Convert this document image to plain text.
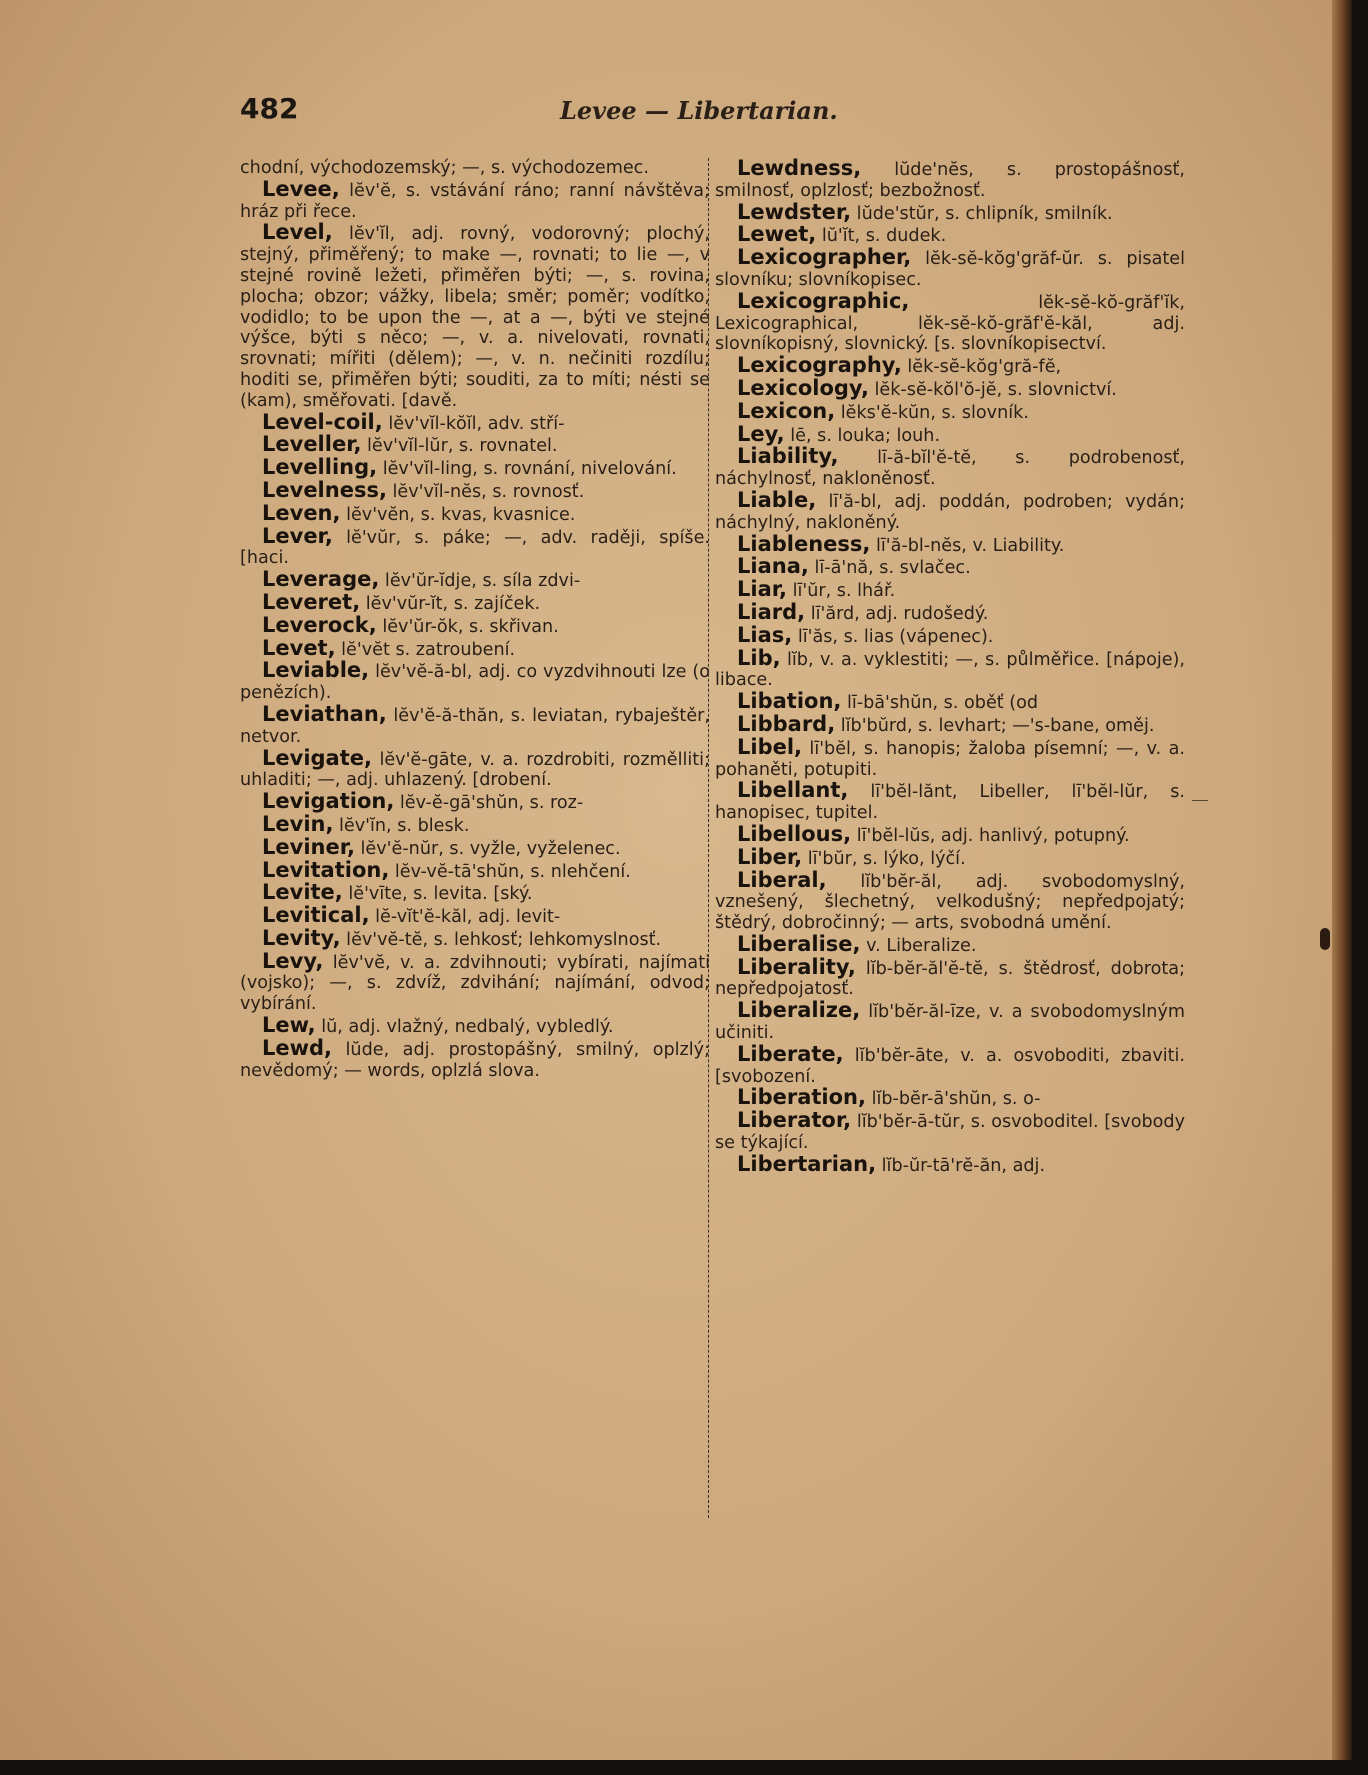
482	Levee — Libertarian.

chodní, východozemský; —, s. východozemec.

Levee, lĕv'ĕ, s. vstávání ráno; ranní návštěva; hráz při řece.

Level, lĕv'ĭl, adj. rovný, vodorovný; plochý, stejný, přiměřený; to make —, rovnati; to lie —, v stejné rovině ležeti, přiměřen býti; —, s. rovina, plocha; obzor; vážky, libela; směr; poměr; vodítko, vodidlo; to be upon the —, at a —, býti ve stejné výšce, býti s něco; —, v. a. nivelovati, rovnati, srovnati; mířiti (dělem); —, v. n. nečiniti rozdílu; hoditi se, přiměřen býti; souditi, za to míti; nésti se (kam), směřovati. [davě.

Level-coil, lĕv'vĭl-kŏĭl, adv. stří-

Leveller, lĕv'vĭl-lŭr, s. rovnatel.

Levelling, lĕv'vĭl-ling, s. rovnání, nivelování.

Levelness, lĕv'vĭl-nĕs, s. rovnosť.

Leven, lĕv'vĕn, s. kvas, kvasnice.

Lever, lĕ'vŭr, s. páke; —, adv. raději, spíše. [haci.

Leverage, lĕv'ŭr-ĭdje, s. síla zdvi-

Leveret, lĕv'vŭr-ĭt, s. zajíček.

Leverock, lĕv'ŭr-ŏk, s. skřivan.

Levet, lĕ'vĕt s. zatroubení.

Leviable, lĕv'vĕ-ă-bl, adj. co vyzdvihnouti lze (o penězích).

Leviathan, lĕv'ĕ-ă-thăn, s. leviatan, rybaještěr, netvor.

Levigate, lĕv'ĕ-gāte, v. a. rozdrobiti, rozmělliti; uhladiti; —, adj. uhlazený. [drobení.

Levigation, lĕv-ĕ-gā'shŭn, s. roz-

Levin, lĕv'ĭn, s. blesk.

Leviner, lĕv'ĕ-nŭr, s. vyžle, vyželenec.

Levitation, lĕv-vĕ-tā'shŭn, s. nlehčení.

Levite, lĕ'vīte, s. levita. [ský.

Levitical, lĕ-vĭt'ĕ-kăl, adj. levit-

Levity, lĕv'vĕ-tĕ, s. lehkosť; lehkomyslnosť.

Levy, lĕv'vĕ, v. a. zdvihnouti; vybírati, najímati (vojsko); —, s. zdvíž, zdvihání; najímání, odvod; vybírání.

Lew, lŭ, adj. vlažný, nedbalý, vybledlý.

Lewd, lŭde, adj. prostopášný, smilný, oplzlý; nevědomý; — words, oplzlá slova.

Lewdness, lŭde'nĕs, s. prostopášnosť, smilnosť, oplzlosť; bezbožnosť.

Lewdster, lŭde'stŭr, s. chlipník, smilník.

Lewet, lŭ'ĭt, s. dudek.

Lexicographer, lĕk-sĕ-kŏg'grăf-ŭr. s. pisatel slovníku; slovníkopisec.

Lexicographic, lĕk-sĕ-kŏ-grăf'ĭk, Lexicographical, lĕk-sĕ-kŏ-grăf'ĕ-kăl, adj. slovníkopisný, slovnický. [s. slovníkopisectví.

Lexicography, lĕk-sĕ-kŏg'gră-fĕ,

Lexicology, lĕk-sĕ-kŏl'ŏ-jĕ, s. slovnictví.

Lexicon, lĕks'ĕ-kŭn, s. slovník.

Ley, lē, s. louka; louh.

Liability, lī-ă-bĭl'ĕ-tĕ, s. podrobenosť, náchylnosť, nakloněnosť.

Liable, lī'ă-bl, adj. poddán, podroben; vydán; náchylný, nakloněný.

Liableness, lī'ă-bl-nĕs, v. Liability.

Liana, lī-ā'nă, s. svlačec.

Liar, lī'ŭr, s. lhář.

Liard, lī'ărd, adj. rudošedý.

Lias, lī'ăs, s. lias (vápenec).

Lib, lĭb, v. a. vyklestiti; —, s. půlměřice. [nápoje), libace.

Libation, lī-bā'shŭn, s. oběť (od

Libbard, lĭb'bŭrd, s. levhart; —'s-bane, oměj.

Libel, lī'bĕl, s. hanopis; žaloba písemní; —, v. a. pohaněti, potupiti.

Libellant, lī'bĕl-lănt, Libeller, lī'bĕl-lŭr, s. hanopisec, tupitel.

Libellous, lī'bĕl-lŭs, adj. hanlivý, potupný.

Liber, lī'bŭr, s. lýko, lýčí.

Liberal, lĭb'bĕr-ăl, adj. svobodomyslný, vznešený, šlechetný, velkodušný; nepředpojatý; štědrý, dobročinný; — arts, svobodná umění.

Liberalise, v. Liberalize.

Liberality, lĭb-bĕr-ăl'ĕ-tĕ, s. štědrosť, dobrota; nepředpojatosť.

Liberalize, lĭb'bĕr-ăl-īze, v. a svobodomyslným učiniti.

Liberate, lĭb'bĕr-āte, v. a. osvoboditi, zbaviti. [svobození.

Liberation, lĭb-bĕr-ā'shŭn, s. o-

Liberator, lĭb'bĕr-ā-tŭr, s. osvoboditel. [svobody se týkající.

Libertarian, lĭb-ŭr-tā'rĕ-ăn, adj.
